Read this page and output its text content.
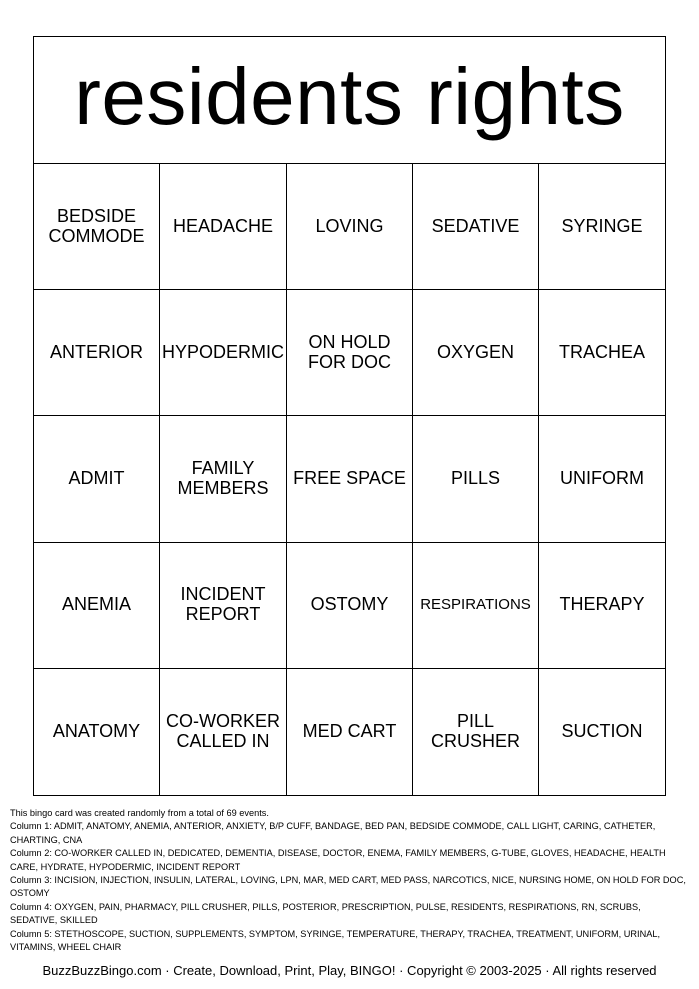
residents rights
BEDSIDE COMMODE	HEADACHE	LOVING	SEDATIVE	SYRINGE
ANTERIOR	HYPODERMIC	ON HOLD FOR DOC	OXYGEN	TRACHEA
ADMIT	FAMILY MEMBERS	FREE SPACE	PILLS	UNIFORM
ANEMIA	INCIDENT REPORT	OSTOMY	RESPIRATIONS	THERAPY
ANATOMY	CO-WORKER CALLED IN	MED CART	PILL CRUSHER	SUCTION
This bingo card was created randomly from a total of 69 events.
Column 1: ADMIT, ANATOMY, ANEMIA, ANTERIOR, ANXIETY, B/P CUFF, BANDAGE, BED PAN, BEDSIDE COMMODE, CALL LIGHT, CARING, CATHETER, CHARTING, CNA
Column 2: CO-WORKER CALLED IN, DEDICATED, DEMENTIA, DISEASE, DOCTOR, ENEMA, FAMILY MEMBERS, G-TUBE, GLOVES, HEADACHE, HEALTH CARE, HYDRATE, HYPODERMIC, INCIDENT REPORT
Column 3: INCISION, INJECTION, INSULIN, LATERAL, LOVING, LPN, MAR, MED CART, MED PASS, NARCOTICS, NICE, NURSING HOME, ON HOLD FOR DOC, OSTOMY
Column 4: OXYGEN, PAIN, PHARMACY, PILL CRUSHER, PILLS, POSTERIOR, PRESCRIPTION, PULSE, RESIDENTS, RESPIRATIONS, RN, SCRUBS, SEDATIVE, SKILLED
Column 5: STETHOSCOPE, SUCTION, SUPPLEMENTS, SYMPTOM, SYRINGE, TEMPERATURE, THERAPY, TRACHEA, TREATMENT, UNIFORM, URINAL, VITAMINS, WHEEL CHAIR
BuzzBuzzBingo.com · Create, Download, Print, Play, BINGO! · Copyright © 2003-2025 · All rights reserved
